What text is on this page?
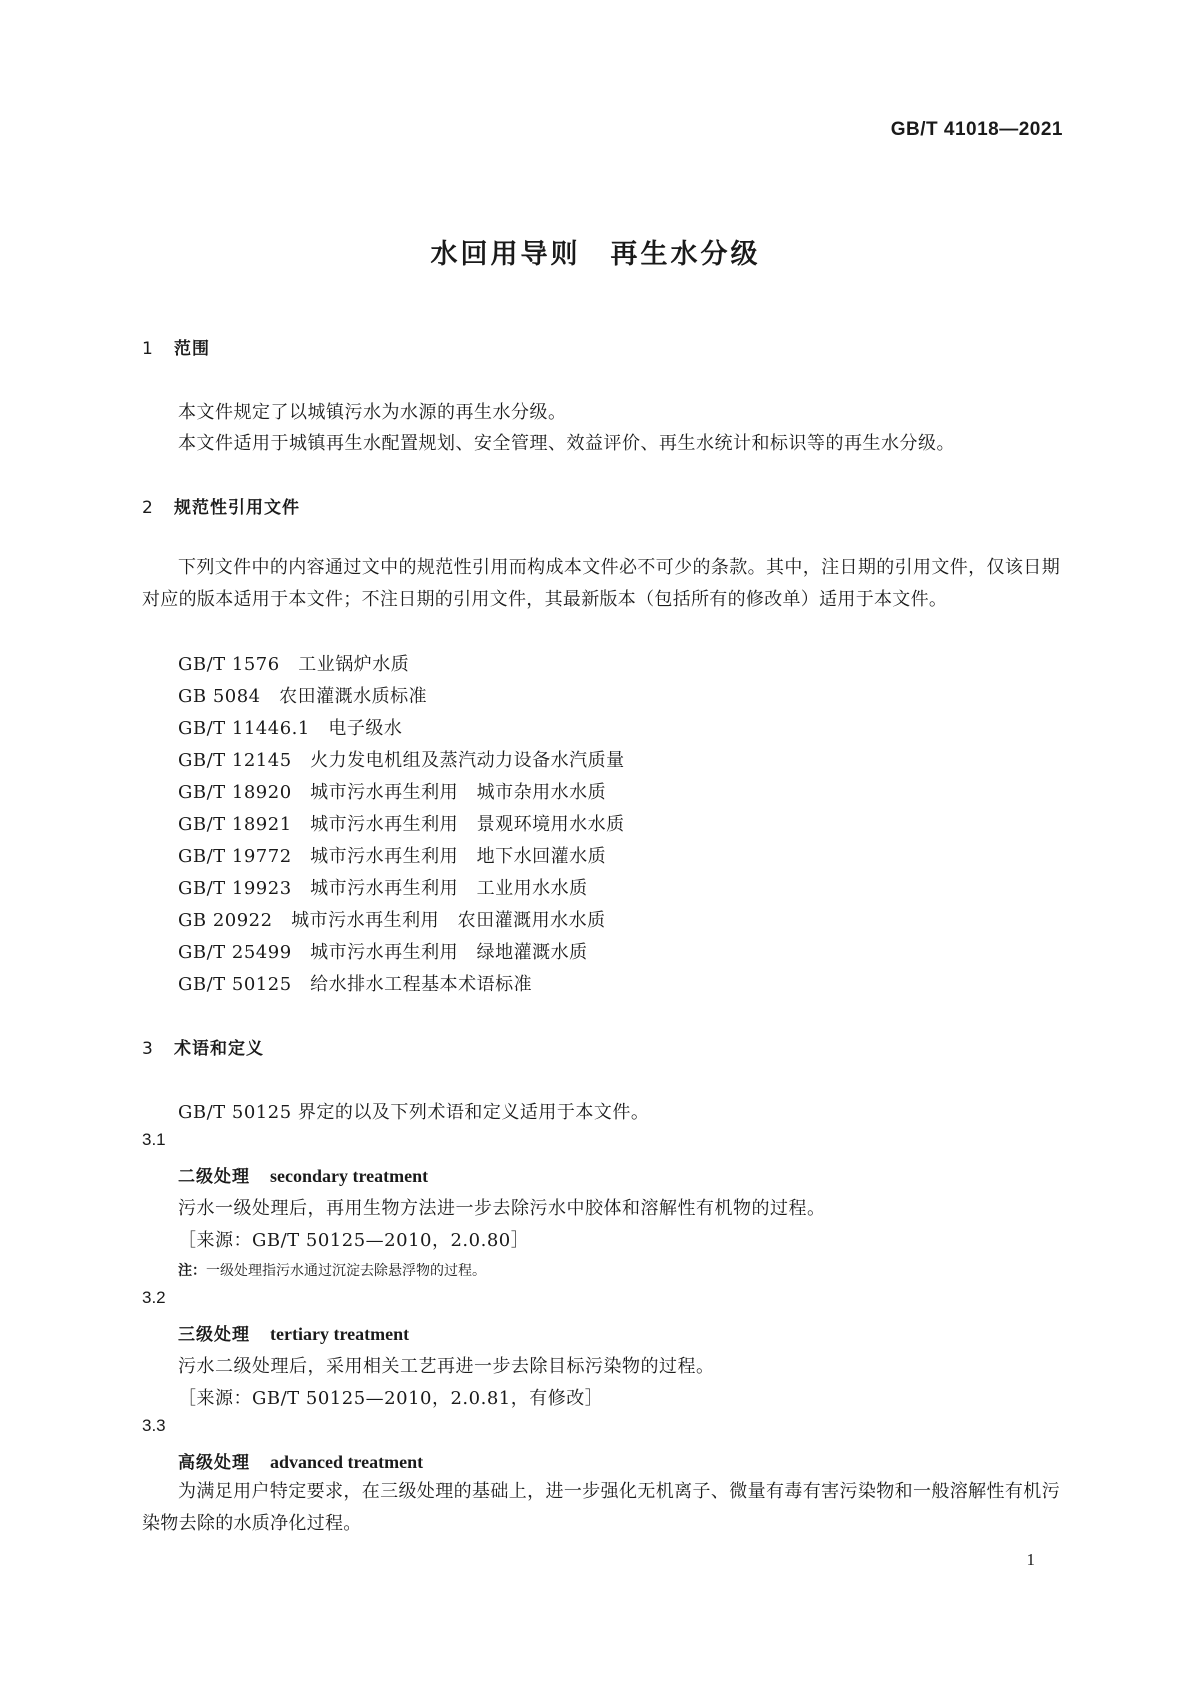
GB/T 41018—2021
水回用导则　再生水分级
1 范围
本文件规定了以城镇污水为水源的再生水分级。
本文件适用于城镇再生水配置规划、安全管理、效益评价、再生水统计和标识等的再生水分级。
2 规范性引用文件
下列文件中的内容通过文中的规范性引用而构成本文件必不可少的条款。其中，注日期的引用文件，仅该日期对应的版本适用于本文件；不注日期的引用文件，其最新版本（包括所有的修改单）适用于本文件。
GB/T 1576　 工业锅炉水质
GB 5084　 农田灌溉水质标准
GB/T 11446.1　 电子级水
GB/T 12145　 火力发电机组及蒸汽动力设备水汽质量
GB/T 18920　 城市污水再生利用　城市杂用水水质
GB/T 18921　 城市污水再生利用　景观环境用水水质
GB/T 19772　 城市污水再生利用　地下水回灌水质
GB/T 19923　 城市污水再生利用　工业用水水质
GB 20922　 城市污水再生利用　农田灌溉用水水质
GB/T 25499　 城市污水再生利用　绿地灌溉水质
GB/T 50125　 给水排水工程基本术语标准
3 术语和定义
GB/T 50125 界定的以及下列术语和定义适用于本文件。
3.1
二级处理 secondary treatment
污水一级处理后，再用生物方法进一步去除污水中胶体和溶解性有机物的过程。
［来源：GB/T 50125—2010，2.0.80］
注：一级处理指污水通过沉淀去除悬浮物的过程。
3.2
三级处理 tertiary treatment
污水二级处理后，采用相关工艺再进一步去除目标污染物的过程。
［来源：GB/T 50125—2010，2.0.81，有修改］
3.3
高级处理 advanced treatment
为满足用户特定要求，在三级处理的基础上，进一步强化无机离子、微量有毒有害污染物和一般溶解性有机污染物去除的水质净化过程。
1
